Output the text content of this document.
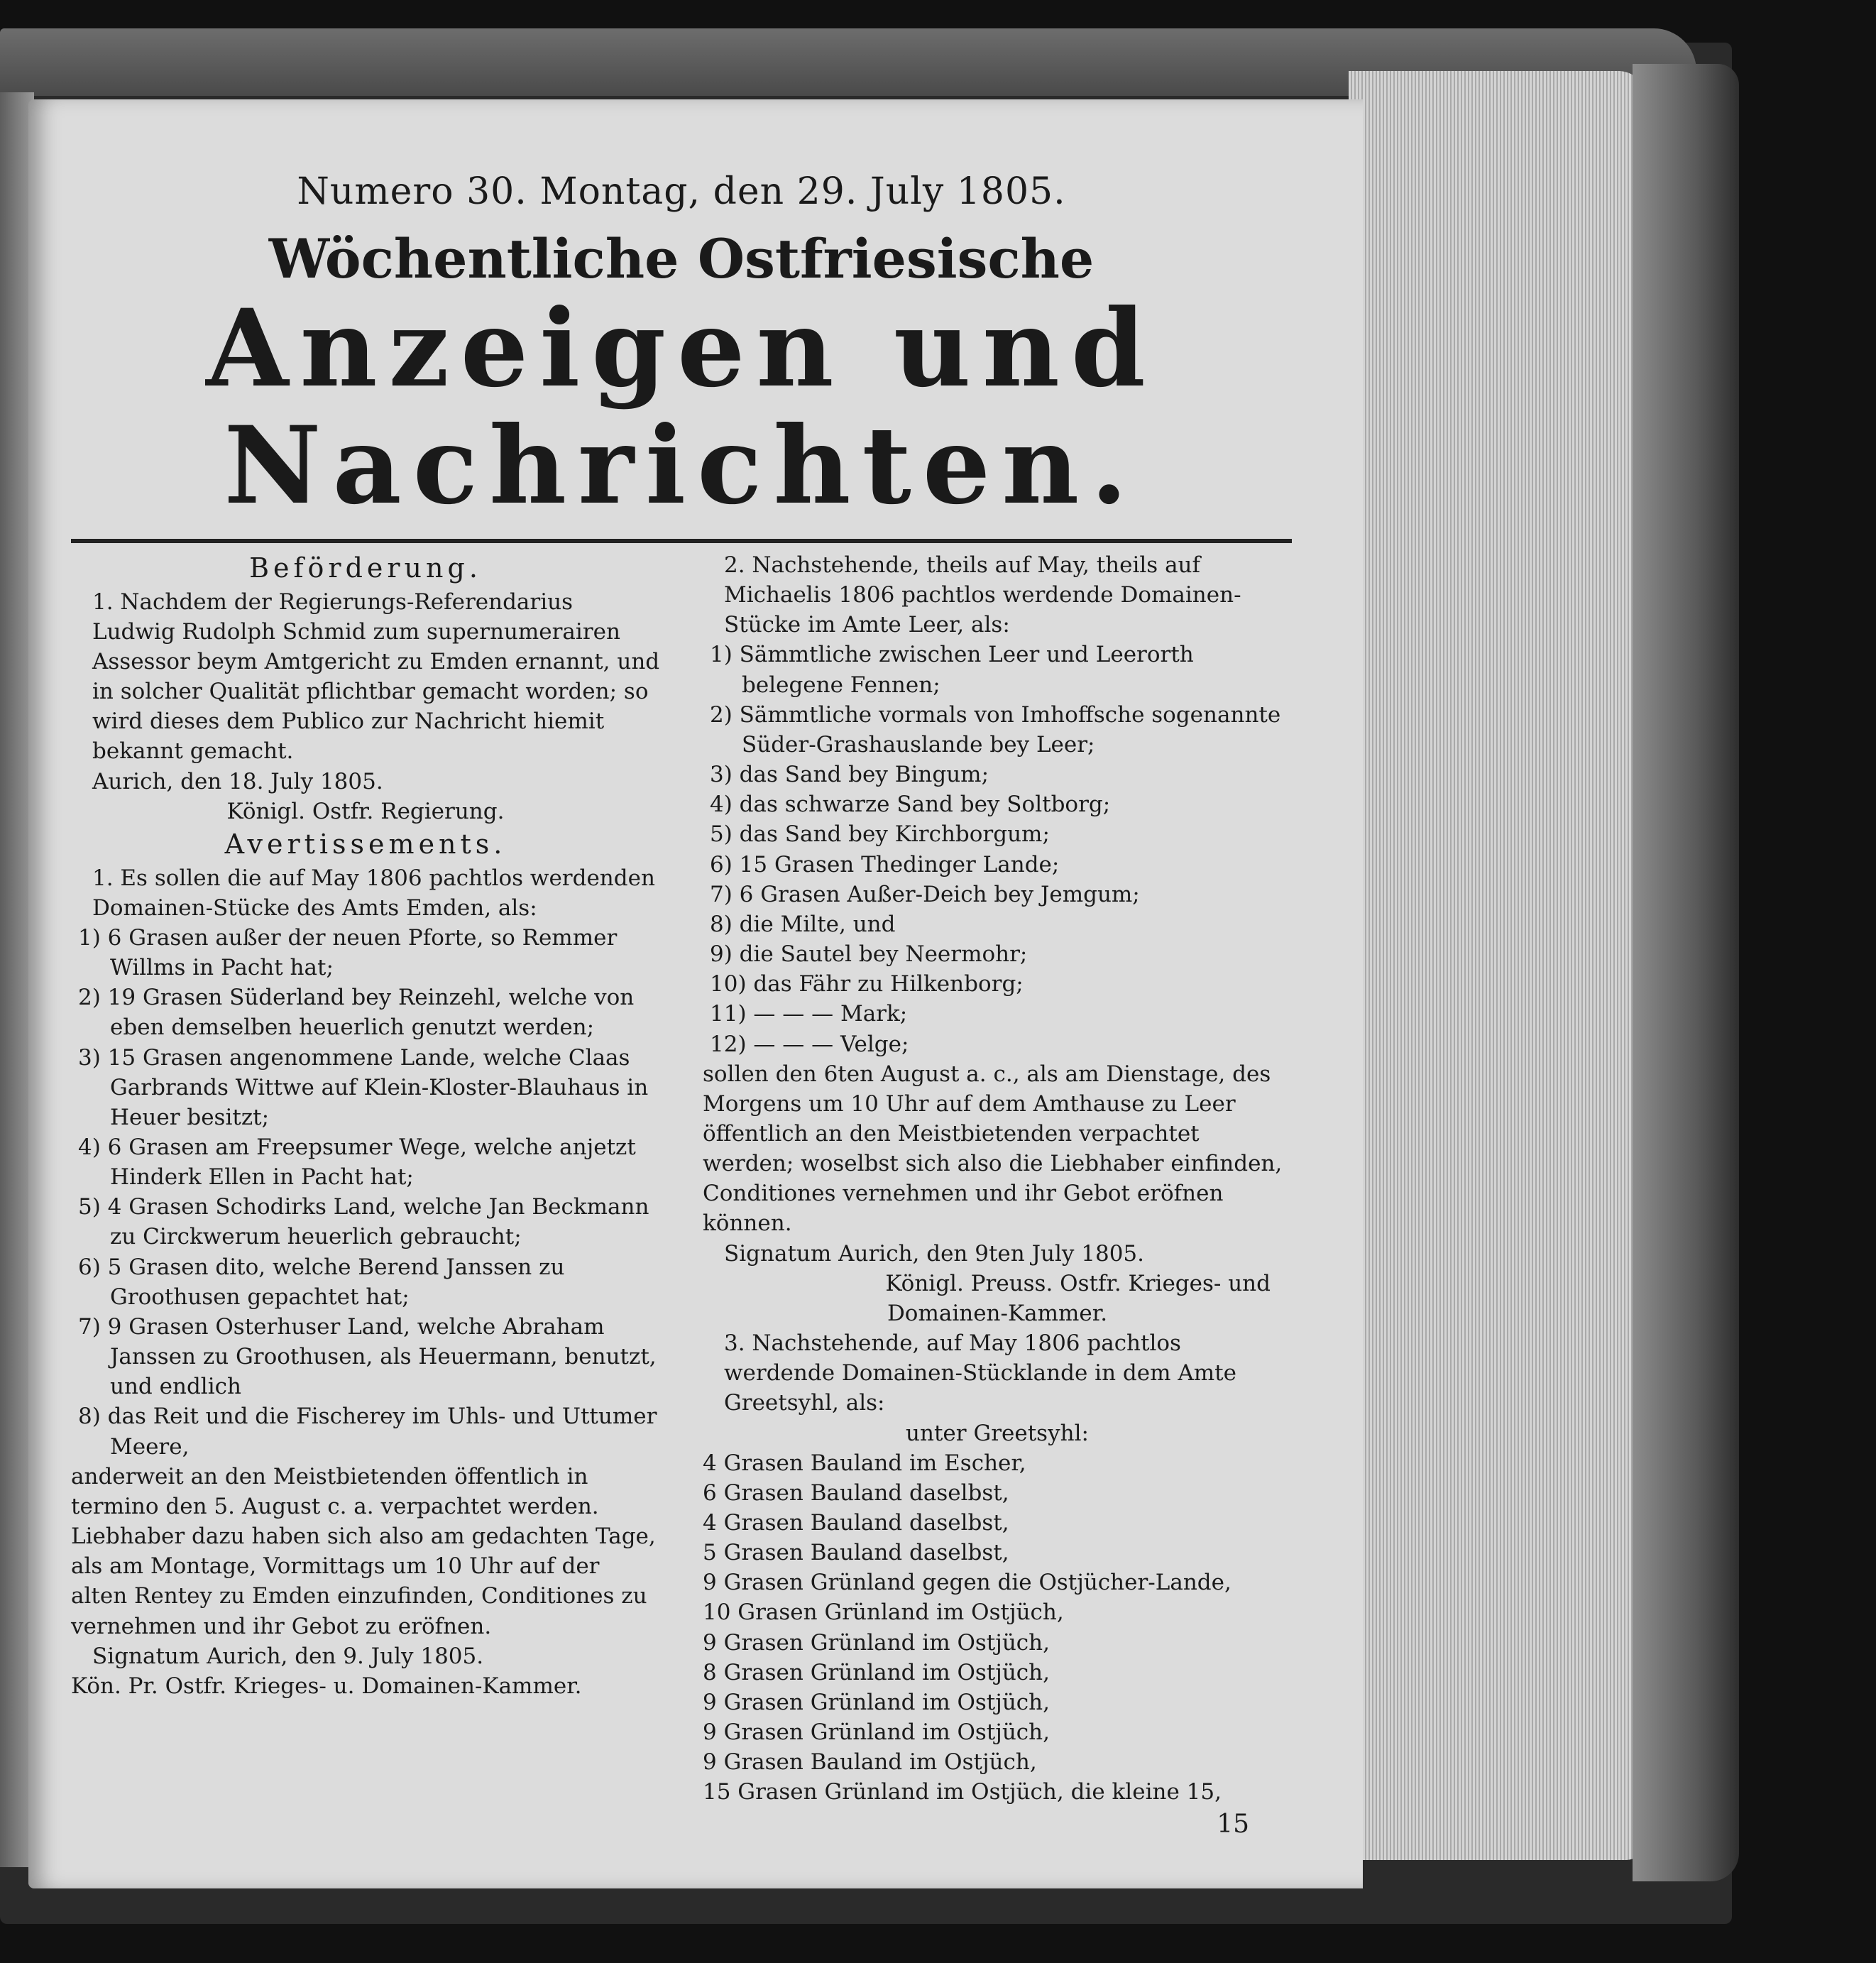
Numero 30. Montag, den 29. July 1805.

Wöchentliche Ostfriesische

Anzeigen und Nachrichten.

Beförderung.

1. Nachdem der Regierungs-Referendarius Ludwig Rudolph Schmid zum supernumerairen Assessor beym Amtgericht zu Emden ernannt, und in solcher Qualität pflichtbar gemacht worden; so wird dieses dem Publico zur Nachricht hiemit bekannt gemacht.

Aurich, den 18. July 1805.

Königl. Ostfr. Regierung.

Avertissements.

1. Es sollen die auf May 1806 pachtlos werdenden Domainen-Stücke des Amts Emden, als:

1) 6 Grasen außer der neuen Pforte, so Remmer Willms in Pacht hat;

2) 19 Grasen Süderland bey Reinzehl, welche von eben demselben heuerlich genutzt werden;

3) 15 Grasen angenommene Lande, welche Claas Garbrands Wittwe auf Klein-Kloster-Blauhaus in Heuer besitzt;

4) 6 Grasen am Freepsumer Wege, welche anjetzt Hinderk Ellen in Pacht hat;

5) 4 Grasen Schodirks Land, welche Jan Beckmann zu Circkwerum heuerlich gebraucht;

6) 5 Grasen dito, welche Berend Janssen zu Groothusen gepachtet hat;

7) 9 Grasen Osterhuser Land, welche Abraham Janssen zu Groothusen, als Heuermann, benutzt, und endlich

8) das Reit und die Fischerey im Uhls- und Uttumer Meere,

anderweit an den Meistbietenden öffentlich in termino den 5. August c. a. verpachtet werden. Liebhaber dazu haben sich also am gedachten Tage, als am Montage, Vormittags um 10 Uhr auf der alten Rentey zu Emden einzufinden, Conditiones zu vernehmen und ihr Gebot zu eröfnen.

Signatum Aurich, den 9. July 1805.

Kön. Pr. Ostfr. Krieges- u. Domainen-Kammer.

2. Nachstehende, theils auf May, theils auf Michaelis 1806 pachtlos werdende Domainen-Stücke im Amte Leer, als:

1) Sämmtliche zwischen Leer und Leerorth belegene Fennen;

2) Sämmtliche vormals von Imhoffsche sogenannte Süder-Grashauslande bey Leer;

3) das Sand bey Bingum;

4) das schwarze Sand bey Soltborg;

5) das Sand bey Kirchborgum;

6) 15 Grasen Thedinger Lande;

7) 6 Grasen Außer-Deich bey Jemgum;

8) die Milte, und

9) die Sautel bey Neermohr;

10) das Fähr zu Hilkenborg;

11) — — — Mark;

12) — — — Velge;

sollen den 6ten August a. c., als am Dienstage, des Morgens um 10 Uhr auf dem Amthause zu Leer öffentlich an den Meistbietenden verpachtet werden; woselbst sich also die Liebhaber einfinden, Conditiones vernehmen und ihr Gebot eröfnen können.

Signatum Aurich, den 9ten July 1805.

Königl. Preuss. Ostfr. Krieges- und

Domainen-Kammer.

3. Nachstehende, auf May 1806 pachtlos werdende Domainen-Stücklande in dem Amte Greetsyhl, als:

unter Greetsyhl:

4 Grasen Bauland im Escher,

6 Grasen Bauland daselbst,

4 Grasen Bauland daselbst,

5 Grasen Bauland daselbst,

9 Grasen Grünland gegen die Ostjücher-Lande,

10 Grasen Grünland im Ostjüch,

9 Grasen Grünland im Ostjüch,

8 Grasen Grünland im Ostjüch,

9 Grasen Grünland im Ostjüch,

9 Grasen Grünland im Ostjüch,

9 Grasen Bauland im Ostjüch,

15 Grasen Grünland im Ostjüch, die kleine 15,

15
